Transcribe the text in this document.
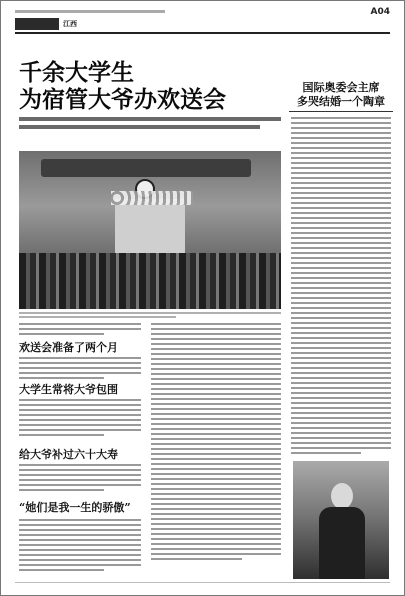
A04
江西
千余大学生
为宿管大爷办欢送会
欢送会准备了两个月
大学生常将大爷包围
给大爷补过六十大寿
“她们是我一生的骄傲”
国际奥委会主席
多哭结婚一个陶章
